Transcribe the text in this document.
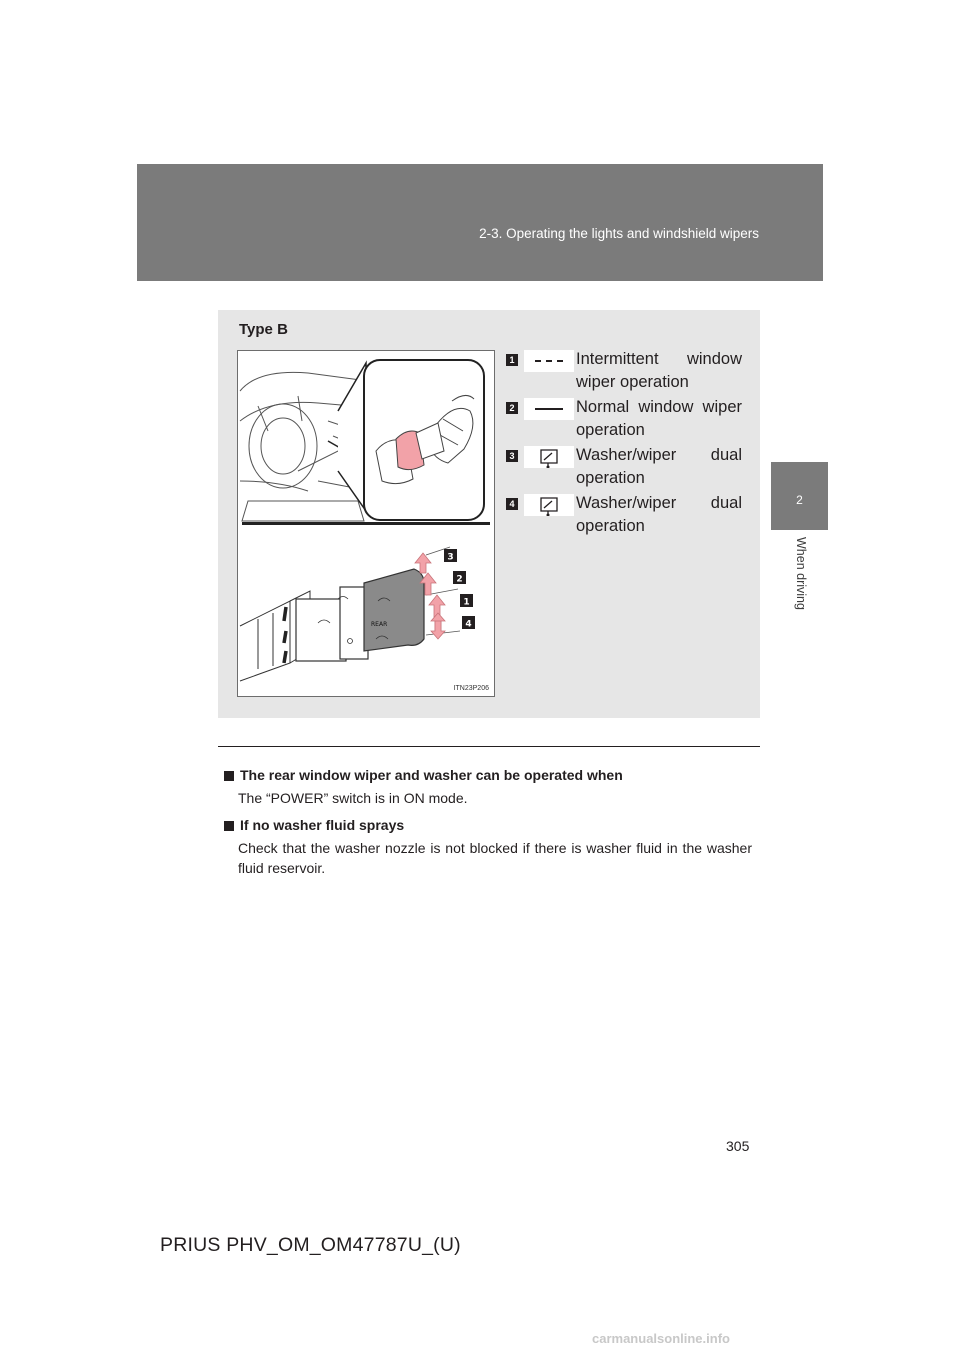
2-3. Operating the lights and windshield wipers
2
When driving
Type B
REAR
3
2
1
4
ITN23P206
1	Intermittent window
wiper operation
2	Normal window wiper
operation
3	Washer/wiper dual
operation
4	Washer/wiper dual
operation

The rear window wiper and washer can be operated when

The “POWER” switch is in ON mode.

If no washer fluid sprays

Check that the washer nozzle is not blocked if there is washer fluid in the washer fluid reservoir.

305
PRIUS PHV_OM_OM47787U_(U)
carmanualsonline.info
